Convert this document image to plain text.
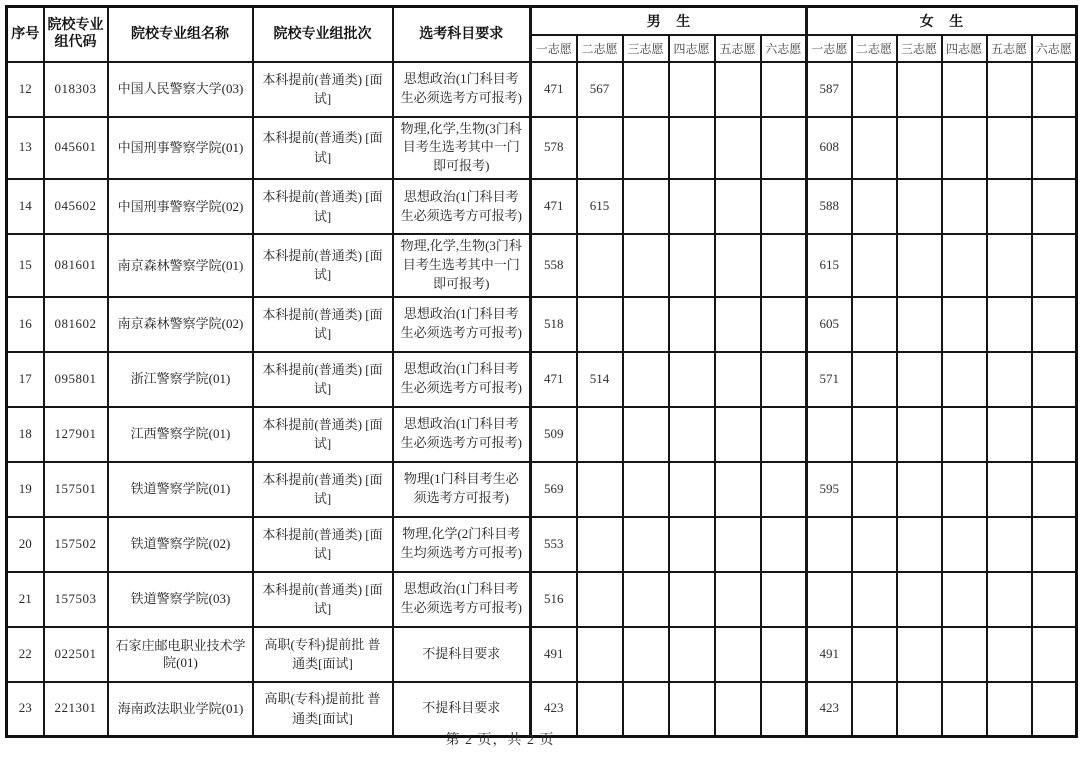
序号	院校专业组代码	院校专业组名称	院校专业组批次	选考科目要求	男 生						女 生					
					一志愿	二志愿	三志愿	四志愿	五志愿	六志愿	一志愿	二志愿	三志愿	四志愿	五志愿	六志愿
12	018303	中国人民警察大学(03)	本科提前(普通类) [面试]	思想政治(1门科目考生必须选考方可报考)	471	567					587					
13	045601	中国刑事警察学院(01)	本科提前(普通类) [面试]	物理,化学,生物(3门科目考生选考其中一门即可报考)	578						608					
14	045602	中国刑事警察学院(02)	本科提前(普通类) [面试]	思想政治(1门科目考生必须选考方可报考)	471	615					588					
15	081601	南京森林警察学院(01)	本科提前(普通类) [面试]	物理,化学,生物(3门科目考生选考其中一门即可报考)	558						615					
16	081602	南京森林警察学院(02)	本科提前(普通类) [面试]	思想政治(1门科目考生必须选考方可报考)	518						605					
17	095801	浙江警察学院(01)	本科提前(普通类) [面试]	思想政治(1门科目考生必须选考方可报考)	471	514					571					
18	127901	江西警察学院(01)	本科提前(普通类) [面试]	思想政治(1门科目考生必须选考方可报考)	509											
19	157501	铁道警察学院(01)	本科提前(普通类) [面试]	物理(1门科目考生必须选考方可报考)	569						595					
20	157502	铁道警察学院(02)	本科提前(普通类) [面试]	物理,化学(2门科目考生均须选考方可报考)	553											
21	157503	铁道警察学院(03)	本科提前(普通类) [面试]	思想政治(1门科目考生必须选考方可报考)	516											
22	022501	石家庄邮电职业技术学院(01)	高职(专科)提前批 普通类[面试]	不提科目要求	491						491					
23	221301	海南政法职业学院(01)	高职(专科)提前批 普通类[面试]	不提科目要求	423						423					
第 2 页，共 2 页
